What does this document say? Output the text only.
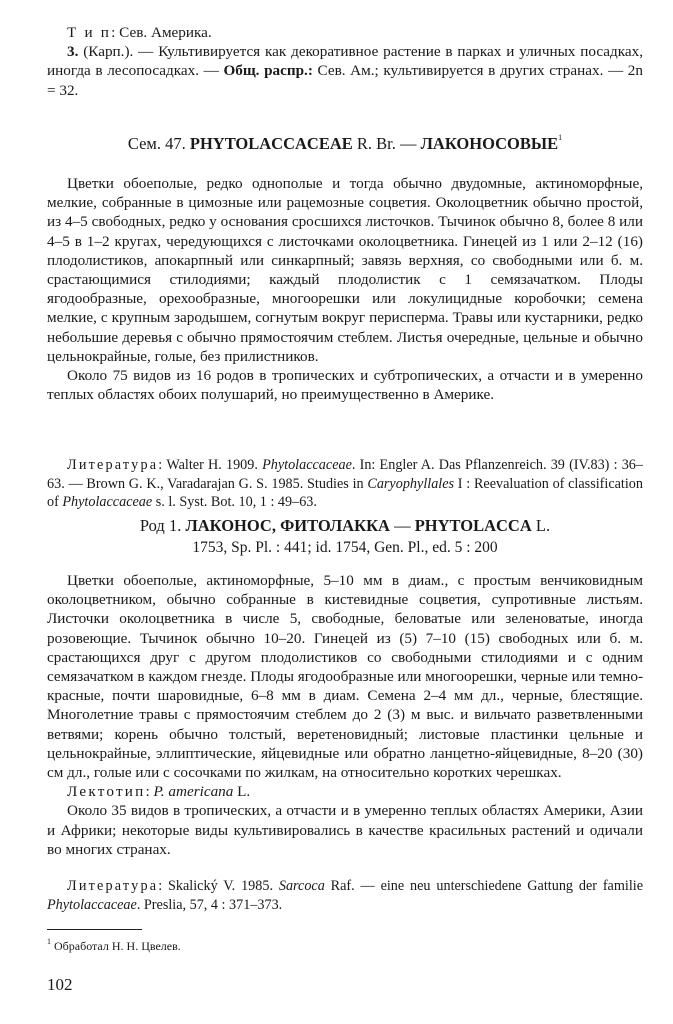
Т и п: Сев. Америка.

3. (Карп.). — Культивируется как декоративное растение в парках и уличных посадках, иногда в лесопосадках. — Общ. распр.: Сев. Ам.; культивируется в других странах. — 2n = 32.

Сем. 47. PHYTOLACCACEAE R. Br. — ЛАКОНОСОВЫЕ$^1$

Цветки обоеполые, редко однополые и тогда обычно двудомные, актиноморфные, мелкие, собранные в цимозные или рацемозные соцветия. Околоцветник обычно простой, из 4–5 свободных, редко у основания сросшихся листочков. Тычинок обычно 8, более 8 или 4–5 в 1–2 кругах, чередующихся с листочками околоцветника. Гинецей из 1 или 2–12 (16) плодолистиков, апокарпный или синкарпный; завязь верхняя, со свободными или б. м. срастающимися стилодиями; каждый плодолистик с 1 семязачатком. Плоды ягодообразные, орехообразные, многоорешки или локулицидные коробочки; семена мелкие, с крупным зародышем, согнутым вокруг перисперма. Травы или кустарники, редко небольшие деревья с обычно прямостоячим стеблем. Листья очередные, цельные и обычно цельнокрайные, голые, без прилистников.

Около 75 видов из 16 родов в тропических и субтропических, а отчасти и в умеренно теплых областях обоих полушарий, но преимущественно в Америке.

Литература: Walter H. 1909. Phytolaccaceae. In: Engler A. Das Pflanzenreich. 39 (IV.83) : 36–63. — Brown G. K., Varadarajan G. S. 1985. Studies in Caryophyllales I : Reevaluation of classification of Phytolaccaceae s. l. Syst. Bot. 10, 1 : 49–63.

Род 1. ЛАКОНОС, ФИТОЛАККА — PHYTOLACCA L.

1753, Sp. Pl. : 441; id. 1754, Gen. Pl., ed. 5 : 200

Цветки обоеполые, актиноморфные, 5–10 мм в диам., с простым венчиковидным околоцветником, обычно собранные в кистевидные соцветия, супротивные листьям. Листочки околоцветника в числе 5, свободные, беловатые или зеленоватые, иногда розовеющие. Тычинок обычно 10–20. Гинецей из (5) 7–10 (15) свободных или б. м. срастающихся друг с другом плодолистиков со свободными стилодиями и с одним семязачатком в каждом гнезде. Плоды ягодообразные или многоорешки, черные или темно-красные, почти шаровидные, 6–8 мм в диам. Семена 2–4 мм дл., черные, блестящие. Многолетние травы с прямостоячим стеблем до 2 (3) м выс. и вильчато разветвленными ветвями; корень обычно толстый, веретеновидный; листовые пластинки цельные и цельнокрайные, эллиптические, яйцевидные или обратно ланцетно-яйцевидные, 8–20 (30) см дл., голые или с сосочками по жилкам, на относительно коротких черешках.

Лектотип: P. americana L.

Около 35 видов в тропических, а отчасти и в умеренно теплых областях Америки, Азии и Африки; некоторые виды культивировались в качестве красильных растений и одичали во многих странах.

Литература: Skalický V. 1985. Sarcoca Raf. — eine neu unterschiedene Gattung der familie Phytolaccaceae. Preslia, 57, 4 : 371–373.

$^1$ Обработал Н. Н. Цвелев.
102
